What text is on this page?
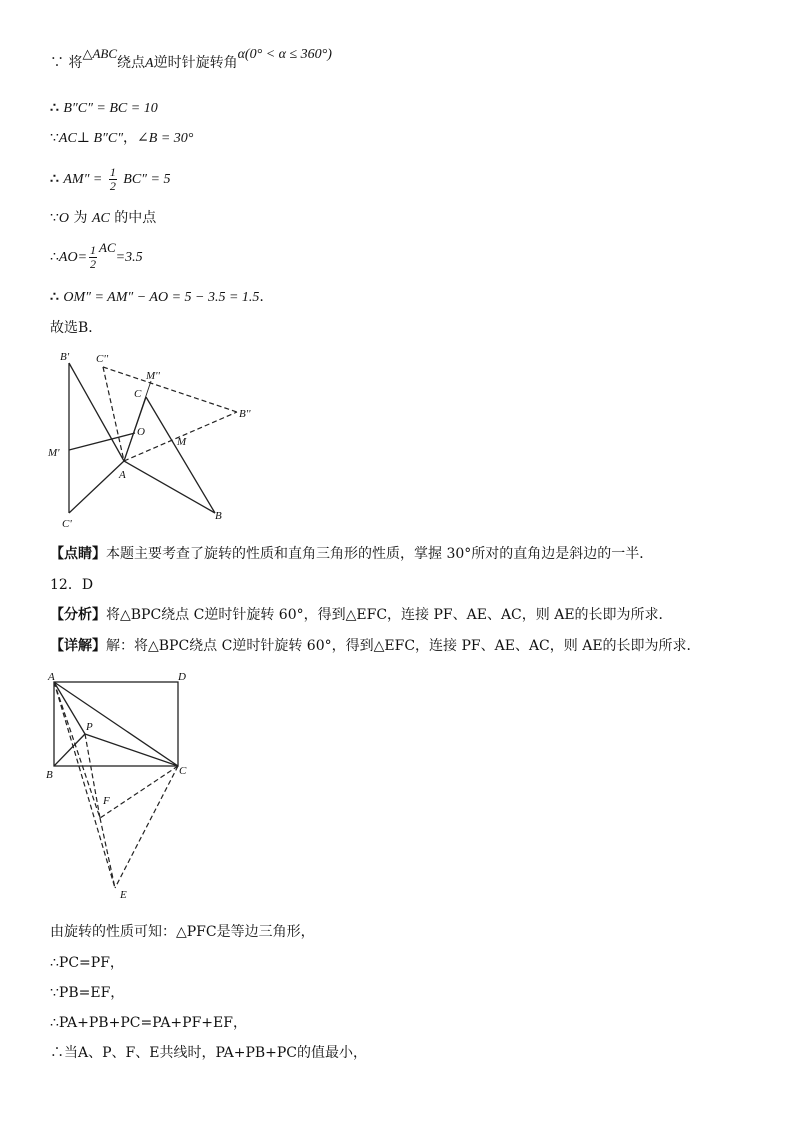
∵ 将△ABC绕点A逆时针旋转角α(0° < α ≤ 360°)
∴ B″C″ = BC = 10
∵AC⊥ B″C″，∠B = 30°
∴ $AM'' = \frac{1}{2} BC'' = 5$
∵O 为 AC 的中点
∴AO= $\frac{1}{2} AC=3.5$
∴ OM″ = AM″ − AO = 5 − 3.5 = 1.5.
故选B．
B' C''
M''
C
B''
O
M
M'
A
C'
B
【点睛】本题主要考查了旋转的性质和直角三角形的性质，掌握 30°所对的直角边是斜边的一半．
12．D
【分析】将△BPC绕点 C逆时针旋转 60°，得到△EFC，连接 PF、AE、AC，则 AE的长即为所求．
【详解】解：将△BPC绕点 C逆时针旋转 60°，得到△EFC，连接 PF、AE、AC，则 AE的长即为所求．
A	D
P
B	C
F
E
由旋转的性质可知：△PFC是等边三角形，
∴PC=PF，
∵PB=EF，
∴PA+PB+PC=PA+PF+EF，
∴当A、P、F、E共线时，PA+PB+PC的值最小，
